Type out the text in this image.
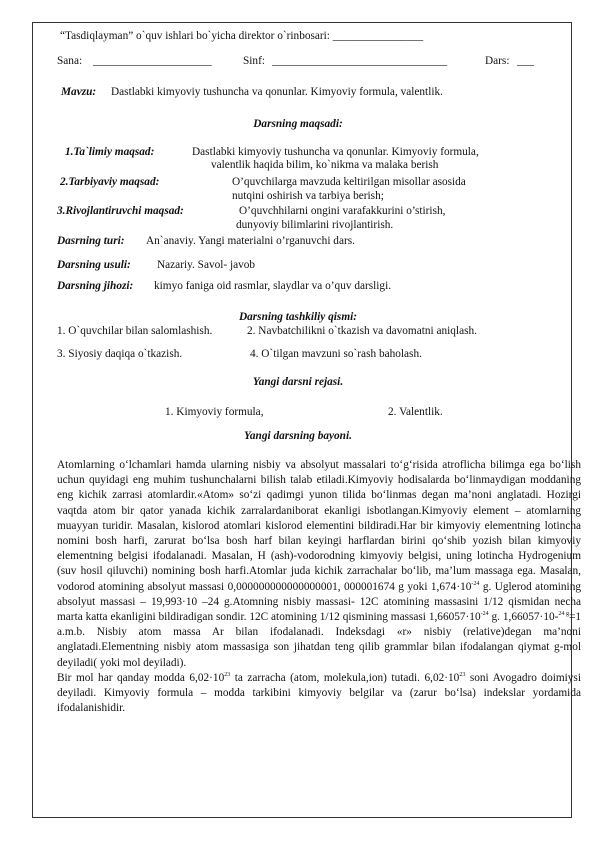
“Tasdiqlayman” o`quv ishlari bo`yicha direktor o`rinbosari: ________________
Sana: _____________________	Sinf: _______________________________	Dars: ___
Mavzu: Dastlabki kimyoviy tushuncha va qonunlar. Kimyoviy formula, valentlik.
Darsning maqsadi:
1.Ta`limiy maqsad:	Dastlabki kimyoviy tushuncha va qonunlar. Kimyoviy formula,
valentlik haqida bilim, ko`nikma va malaka berish
2.Tarbiyaviy maqsad:	O’quvchilarga mavzuda keltirilgan misollar asosida
nutqini oshirish va tarbiya berish;
3.Rivojlantiruvchi maqsad:	O’quvchhilarni ongini varafakkurini o’stirish,
dunyoviy bilimlarini rivojlantirish.
Dasrning turi: An`anaviy. Yangi materialni o’rganuvchi dars.
Darsning usuli: Nazariy. Savol- javob
Darsning jihozi: kimyo faniga oid rasmlar, slaydlar va o’quv darsligi.
Darsning tashkiliy qismi:
1. O`quvchilar bilan salomlashish.	2. Navbatchilikni o`tkazish va davomatni aniqlash.
3. Siyosiy daqiqa o`tkazish.	4. O`tilgan mavzuni so`rash baholash.
Yangi darsni rejasi.
1. Kimyoviy formula,	2. Valentlik.
Yangi darsning bayoni.

Atomlarning o‘lchamlari hamda ularning nisbiy va absolyut massalari to‘g‘risida atroflicha bilimga ega bo‘lish uchun quyidagi eng muhim tushunchalarni bilish talab etiladi.Kimyoviy hodisalarda bo‘linmaydigan moddaning eng kichik zarrasi atomlardir.«Atom» so‘zi qadimgi yunon tilida bo‘linmas degan ma’noni anglatadi. Hozirgi vaqtda atom bir qator yanada kichik zarralardaniborat ekanligi isbotlangan.Kimyoviy element – atomlarning muayyan turidir. Masalan, kislorod atomlari kislorod elementini bildiradi.Har bir kimyoviy elementning lotincha nomini bosh harfi, zarurat bo‘lsa bosh harf bilan keyingi harflardan birini qo‘shib yozish bilan kimyoviy elementning belgisi ifodalanadi. Masalan, H (ash)-vodorodning kimyoviy belgisi, uning lotincha Hydrogenium (suv hosil qiluvchi) nomining bosh harfi.Atomlar juda kichik zarrachalar bo‘lib, ma’lum massaga ega. Masalan, vodorod atomining absolyut massasi 0,000000000000000001, 000001674 g yoki $1,674\cdot 10^{-24}$ g. Uglerod atomining absolyut massasi – 19,993·10 –24 g.Atomning nisbiy massasi- 12C atomining massasini 1/12 qismidan necha marta katta ekanligini bildiradigan sondir. 12C atomining 1/12 qismining massasi $1,66057\cdot 10^{-24}$ g. 1,66057·10-$^{24 g}$=1 a.m.b. Nisbiy atom massa Ar bilan ifodalanadi. Indeksdagi «r» nisbiy (relative)degan ma’noni anglatadi.Elementning nisbiy atom massasiga son jihatdan teng qilib grammlar bilan ifodalangan qiymat g-mol deyiladi( yoki mol deyiladi).

Bir mol har qanday modda $6,02\cdot 10^{23}$ ta zarracha (atom, molekula,ion) tutadi. $6,02\cdot 10^{23}$ soni Avogadro doimiysi deyiladi. Kimyoviy formula – modda tarkibini kimyoviy belgilar va (zarur bo‘lsa) indekslar yordamida ifodalanishidir.
